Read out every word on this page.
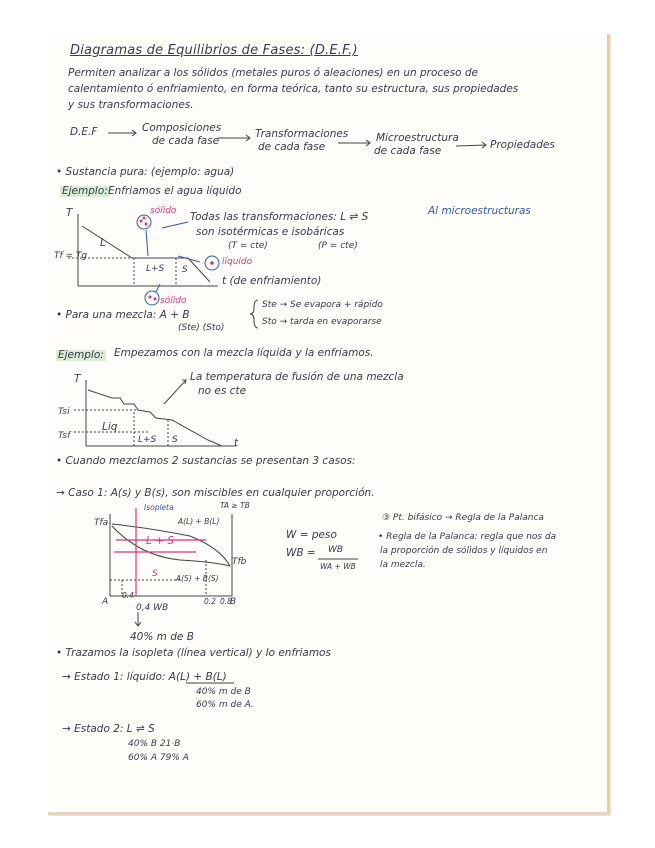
Diagramas de Equilibrios de Fases: (D.E.F.)
Permiten analizar a los sólidos (metales puros ó aleaciones) en un proceso de
calentamiento ó enfriamiento, en forma teórica, tanto su estructura, sus propiedades
y sus transformaciones.
D.E.F	Composiciones
de cada fase
Transformaciones
de cada fase
Microestructura
de cada fase	Propiedades
• Sustancia pura: (ejemplo: agua)
Ejemplo: Enfriamos el agua líquido
Todas las transformaciones: L ⇌ S
son isotérmicas e isobáricas
(T = cte)	(P = cte)
Al microestructuras
T
Tf = Tg
L
L+S S
sólido
líquido
sólido
t (de enfriamiento)
• Para una mezcla: A + B
(Ste) (Sto)
Ste → Se evapora + rápido
Sto → tarda en evaporarse
Ejemplo: Empezamos con la mezcla líquida y la enfriamos.
La temperatura de fusión de una mezcla
no es cte
T
Tsi
Tsf
Liq
L+S S	t
• Cuando mezclamos 2 sustancias se presentan 3 casos:
→ Caso 1: A(s) y B(s), son miscibles en cualquier proporción.
Isopleta	TA ≥ TB
Tfa
Tfb
A(L) + B(L)
L + S
A(S) + B(S)
A	B
0.4
0.2 0.8
0,4 WB
S
40% m de B
W = peso
WB = WB
WA + WB
③ Pt. bifásico → Regla de la Palanca
• Regla de la Palanca: regla que nos da
la proporción de sólidos y líquidos en
la mezcla.
• Trazamos la isopleta (línea vertical) y lo enfriamos
→ Estado 1: líquido: A(L) + B(L)
40% m de B
60% m de A.
→ Estado 2: L ⇌ S
40% B 21·B
60% A 79% A
